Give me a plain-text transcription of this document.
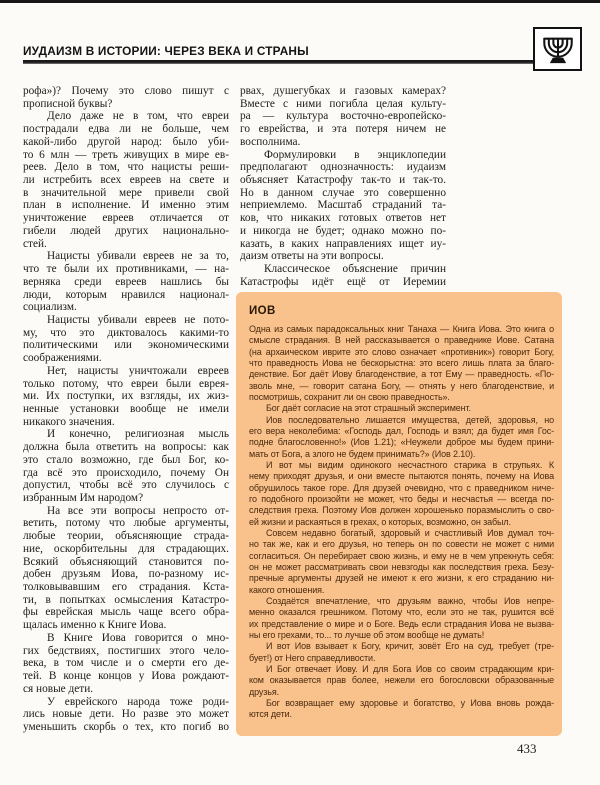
ИУДАИЗМ В ИСТОРИИ: ЧЕРЕЗ ВЕКА И СТРАНЫ
рофа»)? Почему это слово пишут с
прописной буквы?
Дело даже не в том, что евреи
пострадали едва ли не больше, чем
какой-либо другой народ: было уби-
то 6 млн — треть живущих в мире ев-
реев. Дело в том, что нацисты реши-
ли истребить всех евреев на свете и
в значительной мере привели свой
план в исполнение. И именно этим
уничтожение евреев отличается от
гибели людей других национально-
стей.
Нацисты убивали евреев не за то,
что те были их противниками, — на-
верняка среди евреев нашлись бы
люди, которым нравился национал-
социализм.
Нацисты убивали евреев не пото-
му, что это диктовалось какими-то
политическими или экономическими
соображениями.
Нет, нацисты уничтожали евреев
только потому, что евреи были еврея-
ми. Их поступки, их взгляды, их жиз-
ненные установки вообще не имели
никакого значения.
И конечно, религиозная мысль
должна была ответить на вопросы: как
это стало возможно, где был Бог, ко-
гда всё это происходило, почему Он
допустил, чтобы всё это случилось с
избранным Им народом?
На все эти вопросы непросто от-
ветить, потому что любые аргументы,
любые теории, объясняющие страда-
ние, оскорбительны для страдающих.
Всякий объясняющий становится по-
добен друзьям Иова, по-разному ис-
толковывавшим его страдания. Кста-
ти, в попытках осмысления Катастро-
фы еврейская мысль чаще всего обра-
щалась именно к Книге Иова.
В Книге Иова говорится о мно-
гих бедствиях, постигших этого чело-
века, в том числе и о смерти его де-
тей. В конце концов у Иова рождают-
ся новые дети.
У еврейского народа тоже роди-
лись новые дети. Но разве это может
уменьшить скорбь о тех, кто погиб во
рвах, душегубках и газовых камерах?
Вместе с ними погибла целая культу-
ра — культура восточно-европейско-
го еврейства, и эта потеря ничем не
восполнима.
Формулировки в энциклопедии
предполагают однозначность: иудаизм
объясняет Катастрофу так-то и так-то.
Но в данном случае это совершенно
неприемлемо. Масштаб страданий та-
ков, что никаких готовых ответов нет
и никогда не будет; однако можно по-
казать, в каких направлениях ищет иу-
даизм ответы на эти вопросы.
Классическое объяснение причин
Катастрофы идёт ещё от Иеремии
ИОВ
Одна из самых парадоксальных книг Танаха — Книга Иова. Это книга о
смысле страдания. В ней рассказывается о праведнике Иове. Сатана
(на архаическом иврите это слово означает «противник») говорит Богу,
что праведность Иова не бескорыстна: это всего лишь плата за благо-
денствие. Бог даёт Иову благоденствие, а тот Ему — праведность. «По-
зволь мне, — говорит сатана Богу, — отнять у него благоденствие, и
посмотришь, сохранит ли он свою праведность».
Бог даёт согласие на этот страшный эксперимент.
Иов последовательно лишается имущества, детей, здоровья, но
его вера неколебима: «Господь дал, Господь и взял; да будет имя Гос-
подне благословенно!» (Иов 1.21); «Неужели доброе мы будем прини-
мать от Бога, а злого не будем принимать?» (Иов 2.10).
И вот мы видим одинокого несчастного старика в струпьях. К
нему приходят друзья, и они вместе пытаются понять, почему на Иова
обрушилось такое горе. Для друзей очевидно, что с праведником ниче-
го подобного произойти не может, что беды и несчастья — всегда по-
следствия греха. Поэтому Иов должен хорошенько поразмыслить о сво-
ей жизни и раскаяться в грехах, о которых, возможно, он забыл.
Совсем недавно богатый, здоровый и счастливый Иов думал точ-
но так же, как и его друзья, но теперь он по совести не может с ними
согласиться. Он перебирает свою жизнь, и ему не в чем упрекнуть себя:
он не может рассматривать свои невзгоды как последствия греха. Безу-
пречные аргументы друзей не имеют к его жизни, к его страданию ни-
какого отношения.
Создаётся впечатление, что друзьям важно, чтобы Иов непре-
менно оказался грешником. Потому что, если это не так, рушится всё
их представление о мире и о Боге. Ведь если страдания Иова не вызва-
ны его грехами, то... то лучше об этом вообще не думать!
И вот Иов взывает к Богу, кричит, зовёт Его на суд, требует (тре-
бует!) от Него справедливости.
И Бог отвечает Иову. И для Бога Иов со своим страдающим кри-
ком оказывается прав более, нежели его богословски образованные
друзья.
Бог возвращает ему здоровье и богатство, у Иова вновь рожда-
ются дети.
433
